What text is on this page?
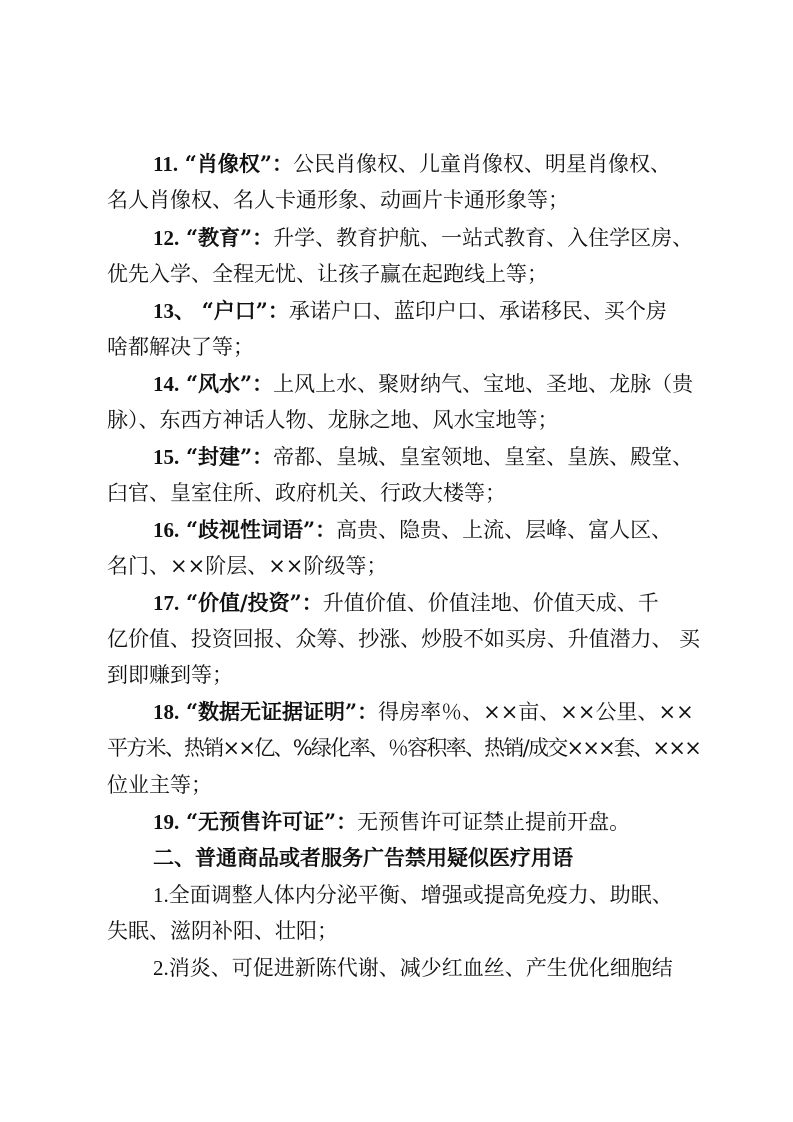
11. “肖像权”：公民肖像权、儿童肖像权、明星肖像权、
名人肖像权、名人卡通形象、动画片卡通形象等；
12. “教育”：升学、教育护航、一站式教育、入住学区房、
优先入学、全程无忧、让孩子赢在起跑线上等；
13、 “户口”：承诺户口、蓝印户口、承诺移民、买个房
啥都解决了等；
14. “风水”：上风上水、聚财纳气、宝地、圣地、龙脉（贵
脉）、东西方神话人物、龙脉之地、风水宝地等；
15. “封建”：帝都、皇城、皇室领地、皇室、皇族、殿堂、
臼官、皇室住所、政府机关、行政大楼等；
16. “歧视性词语”：高贵、隐贵、上流、层峰、富人区、
名门、××阶层、××阶级等；
17. “价值/投资”：升值价值、价值洼地、价值天成、千
亿价值、投资回报、众筹、抄涨、炒股不如买房、升值潜力、 买
到即赚到等；
18. “数据无证据证明”：得房率％、××亩、××公里、××
平方米、热销××亿、%绿化率、％容积率、热销/成交×××套、×××
位业主等；
19. “无预售许可证”：无预售许可证禁止提前开盘。
二、普通商品或者服务广告禁用疑似医疗用语
1.全面调整人体内分泌平衡、增强或提高免疫力、助眠、
失眠、滋阴补阳、壮阳；
2.消炎、可促进新陈代谢、减少红血丝、产生优化细胞结
